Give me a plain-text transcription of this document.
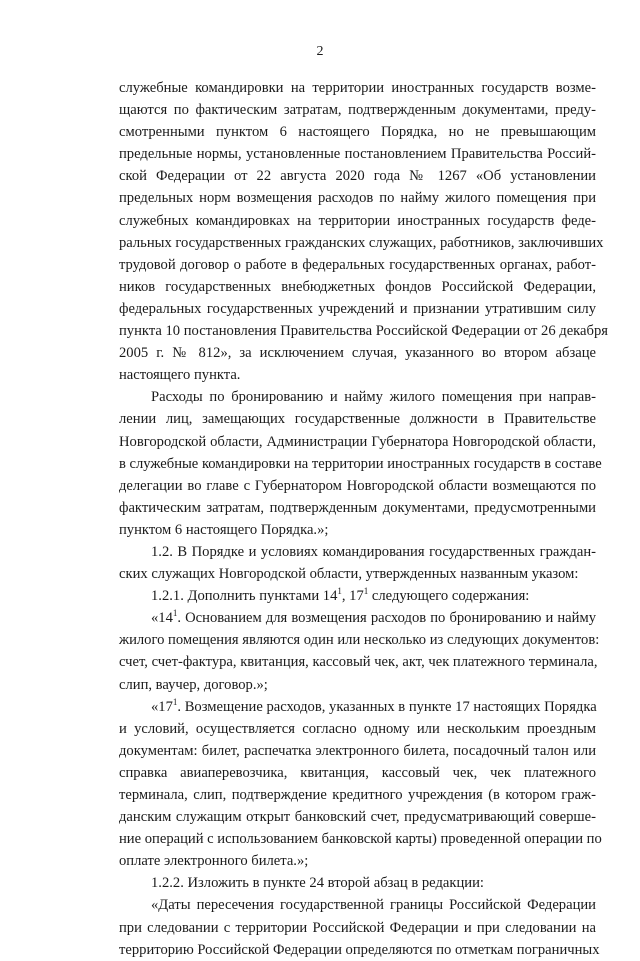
2
служебные командировки на территории иностранных государств возме-
щаются по фактическим затратам, подтвержденным документами, преду-
смотренными пунктом 6 настоящего Порядка, но не превышающим
предельные нормы, установленные постановлением Правительства Россий-
ской Федерации от 22 августа 2020 года № 1267 «Об установлении
предельных норм возмещения расходов по найму жилого помещения при
служебных командировках на территории иностранных государств феде-
ральных государственных гражданских служащих, работников, заключивших
трудовой договор о работе в федеральных государственных органах, работ-
ников государственных внебюджетных фондов Российской Федерации,
федеральных государственных учреждений и признании утратившим силу
пункта 10 постановления Правительства Российской Федерации от 26 декабря
2005 г. № 812», за исключением случая, указанного во втором абзаце
настоящего пункта.
Расходы по бронированию и найму жилого помещения при направ-
лении лиц, замещающих государственные должности в Правительстве
Новгородской области, Администрации Губернатора Новгородской области,
в служебные командировки на территории иностранных государств в составе
делегации во главе с Губернатором Новгородской области возмещаются по
фактическим затратам, подтвержденным документами, предусмотренными
пунктом 6 настоящего Порядка.»;
1.2. В Порядке и условиях командирования государственных граждан-
ских служащих Новгородской области, утвержденных названным указом:
1.2.1. Дополнить пунктами $14^1$, $17^1$ следующего содержания:
«$14^1$. Основанием для возмещения расходов по бронированию и найму
жилого помещения являются один или несколько из следующих документов:
счет, счет-фактура, квитанция, кассовый чек, акт, чек платежного терминала,
слип, ваучер, договор.»;
«$17^1$. Возмещение расходов, указанных в пункте 17 настоящих Порядка
и условий, осуществляется согласно одному или нескольким проездным
документам: билет, распечатка электронного билета, посадочный талон или
справка авиаперевозчика, квитанция, кассовый чек, чек платежного
терминала, слип, подтверждение кредитного учреждения (в котором граж-
данским служащим открыт банковский счет, предусматривающий соверше-
ние операций с использованием банковской карты) проведенной операции по
оплате электронного билета.»;
1.2.2. Изложить в пункте 24 второй абзац в редакции:
«Даты пересечения государственной границы Российской Федерации
при следовании с территории Российской Федерации и при следовании на
территорию Российской Федерации определяются по отметкам пограничных
